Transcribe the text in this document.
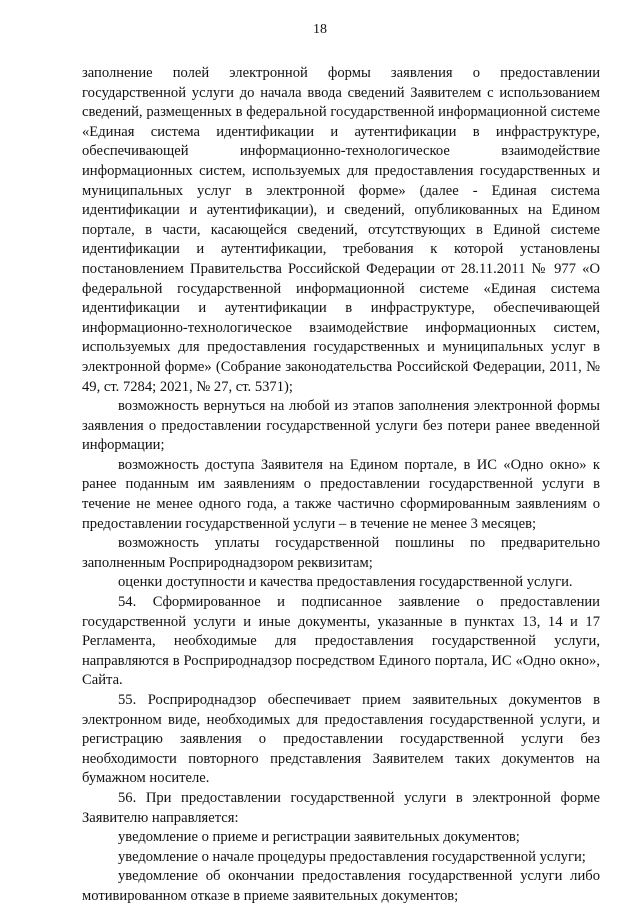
18

заполнение полей электронной формы заявления о предоставлении государственной услуги до начала ввода сведений Заявителем с использованием сведений, размещенных в федеральной государственной информационной системе «Единая система идентификации и аутентификации в инфраструктуре, обеспечивающей информационно-технологическое взаимодействие информационных систем, используемых для предоставления государственных и муниципальных услуг в электронной форме» (далее - Единая система идентификации и аутентификации), и сведений, опубликованных на Едином портале, в части, касающейся сведений, отсутствующих в Единой системе идентификации и аутентификации, требования к которой установлены постановлением Правительства Российской Федерации от 28.11.2011 № 977 «О федеральной государственной информационной системе «Единая система идентификации и аутентификации в инфраструктуре, обеспечивающей информационно-технологическое взаимодействие информационных систем, используемых для предоставления государственных и муниципальных услуг в электронной форме» (Собрание законодательства Российской Федерации, 2011, № 49, ст. 7284; 2021, № 27, ст. 5371);

возможность вернуться на любой из этапов заполнения электронной формы заявления о предоставлении государственной услуги без потери ранее введенной информации;

возможность доступа Заявителя на Едином портале, в ИС «Одно окно» к ранее поданным им заявлениям о предоставлении государственной услуги в течение не менее одного года, а также частично сформированным заявлениям о предоставлении государственной услуги – в течение не менее 3 месяцев;

возможность уплаты государственной пошлины по предварительно заполненным Росприроднадзором реквизитам;

оценки доступности и качества предоставления государственной услуги.

54. Сформированное и подписанное заявление о предоставлении государственной услуги и иные документы, указанные в пунктах 13, 14 и 17 Регламента, необходимые для предоставления государственной услуги, направляются в Росприроднадзор посредством Единого портала, ИС «Одно окно», Сайта.

55. Росприроднадзор обеспечивает прием заявительных документов в электронном виде, необходимых для предоставления государственной услуги, и регистрацию заявления о предоставлении государственной услуги без необходимости повторного представления Заявителем таких документов на бумажном носителе.

56. При предоставлении государственной услуги в электронной форме Заявителю направляется:

уведомление о приеме и регистрации заявительных документов;

уведомление о начале процедуры предоставления государственной услуги;

уведомление об окончании предоставления государственной услуги либо мотивированном отказе в приеме заявительных документов;
